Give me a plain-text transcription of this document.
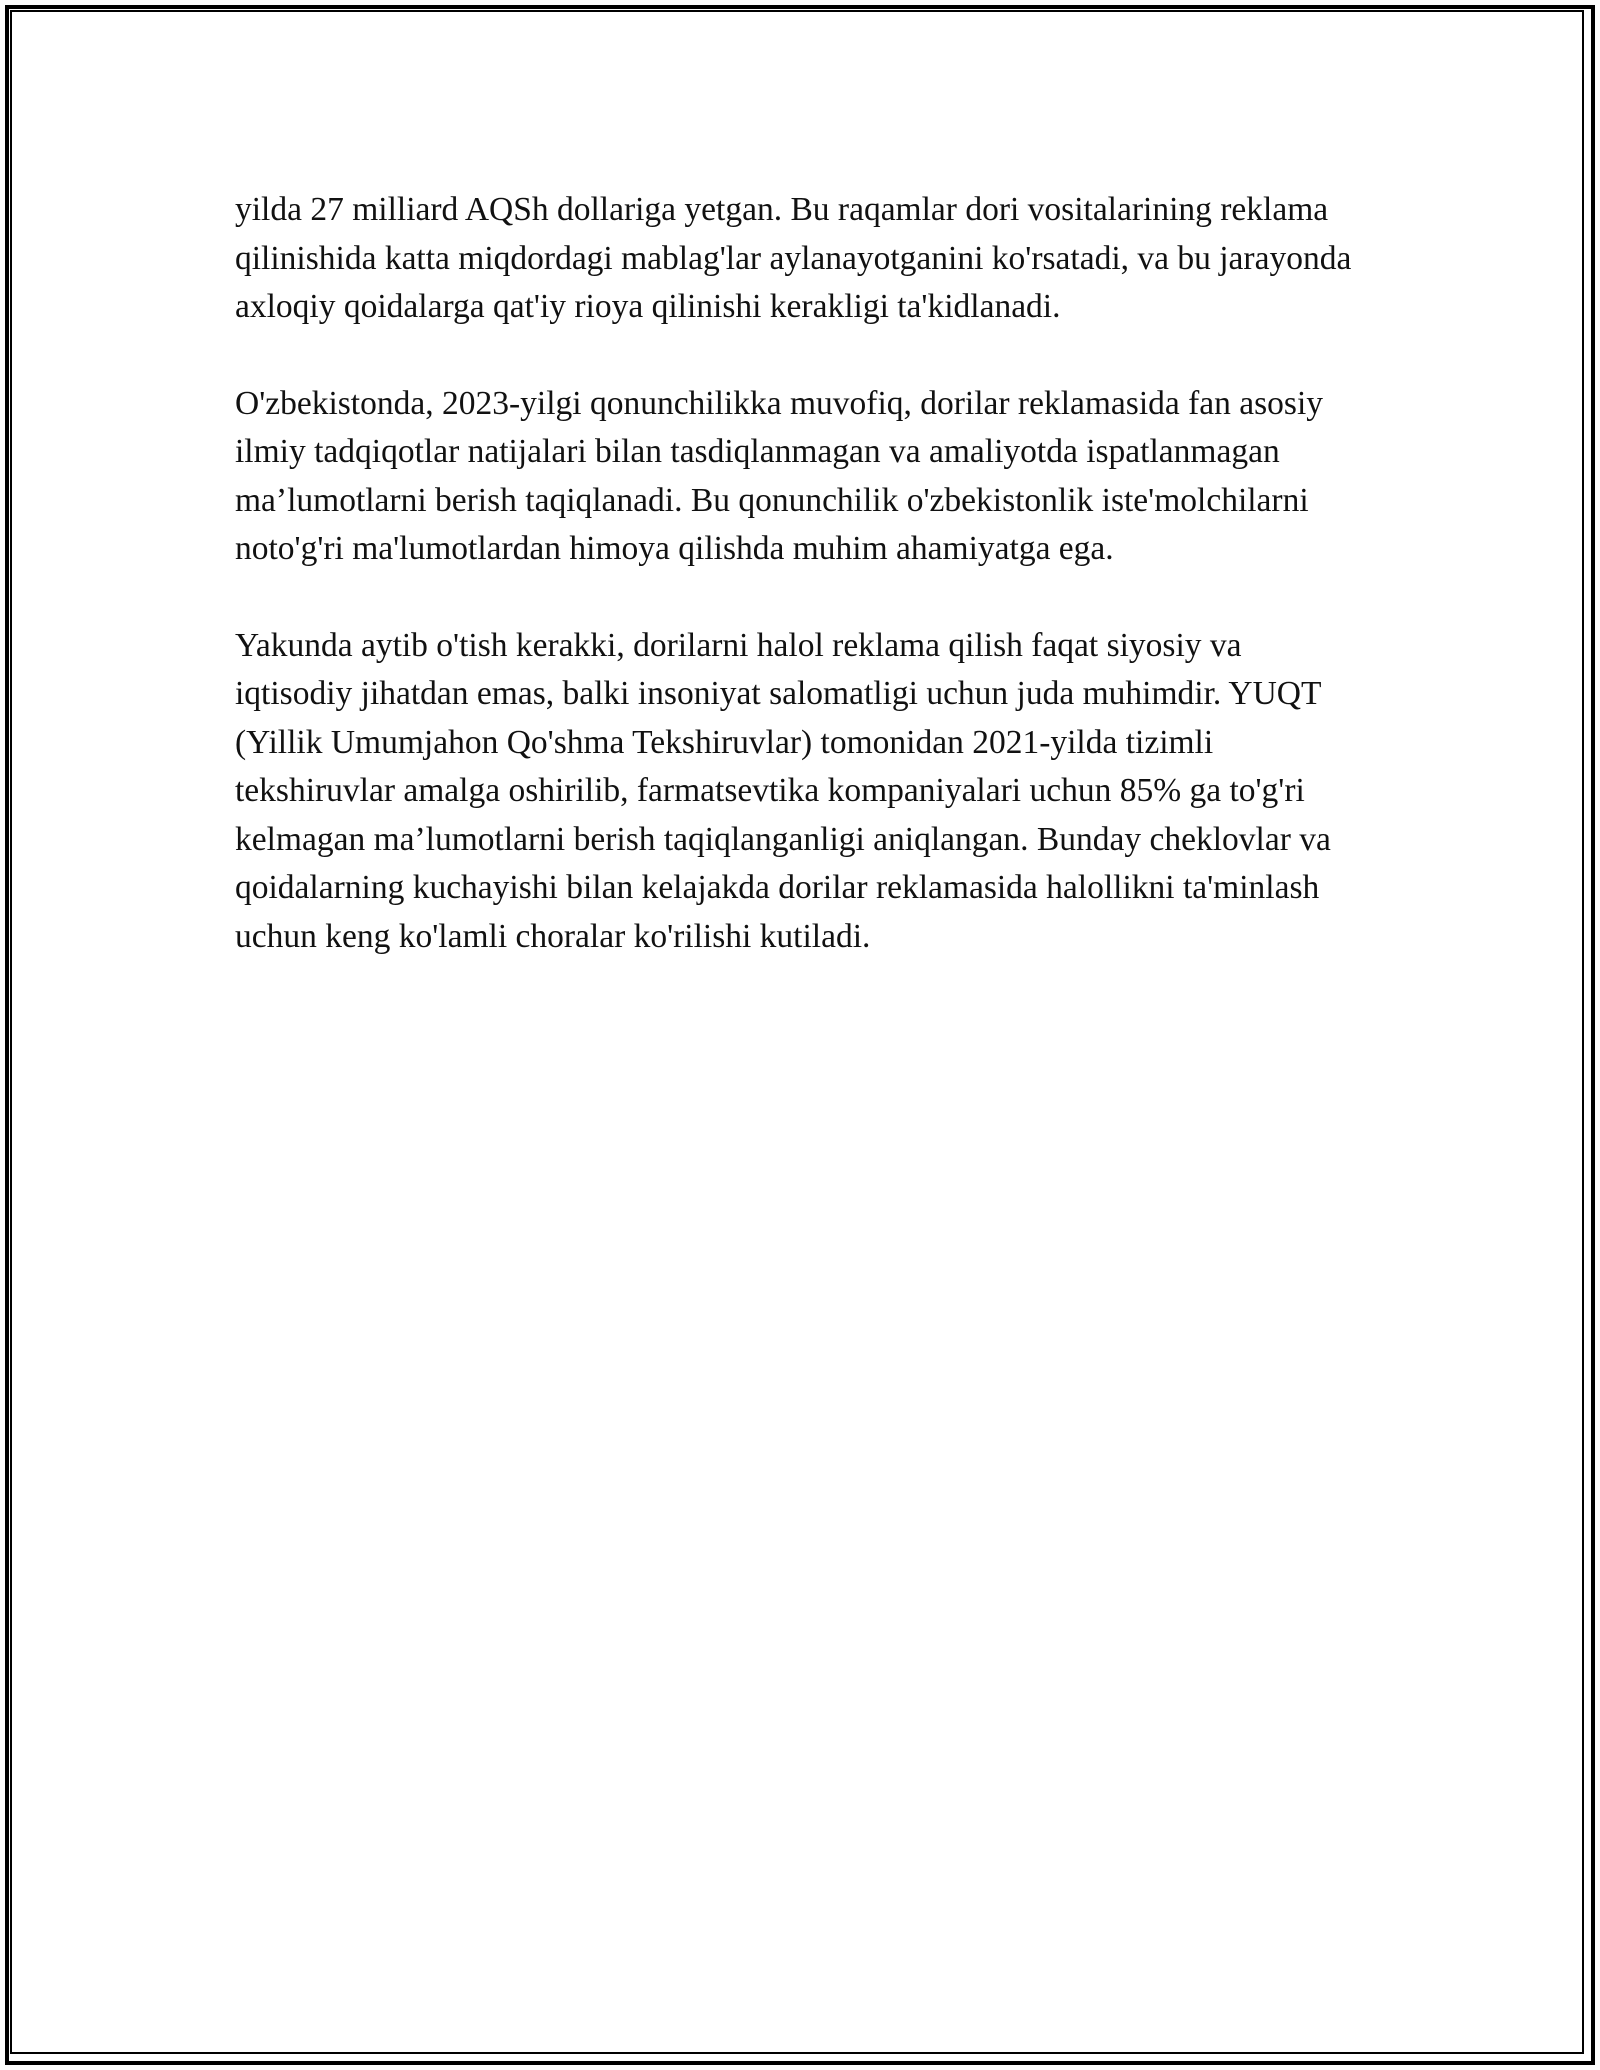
yilda 27 milliard AQSh dollariga yetgan. Bu raqamlar dori vositalarining reklama qilinishida katta miqdordagi mablag'lar aylanayotganini ko'rsatadi, va bu jarayonda axloqiy qoidalarga qat'iy rioya qilinishi kerakligi ta'kidlanadi.

O'zbekistonda, 2023-yilgi qonunchilikka muvofiq, dorilar reklamasida fan asosiy ilmiy tadqiqotlar natijalari bilan tasdiqlanmagan va amaliyotda ispatlanmagan ma’lumotlarni berish taqiqlanadi. Bu qonunchilik o'zbekistonlik iste'molchilarni noto'g'ri ma'lumotlardan himoya qilishda muhim ahamiyatga ega.

Yakunda aytib o'tish kerakki, dorilarni halol reklama qilish faqat siyosiy va iqtisodiy jihatdan emas, balki insoniyat salomatligi uchun juda muhimdir. YUQT (Yillik Umumjahon Qo'shma Tekshiruvlar) tomonidan 2021-yilda tizimli tekshiruvlar amalga oshirilib, farmatsevtika kompaniyalari uchun 85% ga to'g'ri kelmagan ma’lumotlarni berish taqiqlanganligi aniqlangan. Bunday cheklovlar va qoidalarning kuchayishi bilan kelajakda dorilar reklamasida halollikni ta'minlash uchun keng ko'lamli choralar ko'rilishi kutiladi.
